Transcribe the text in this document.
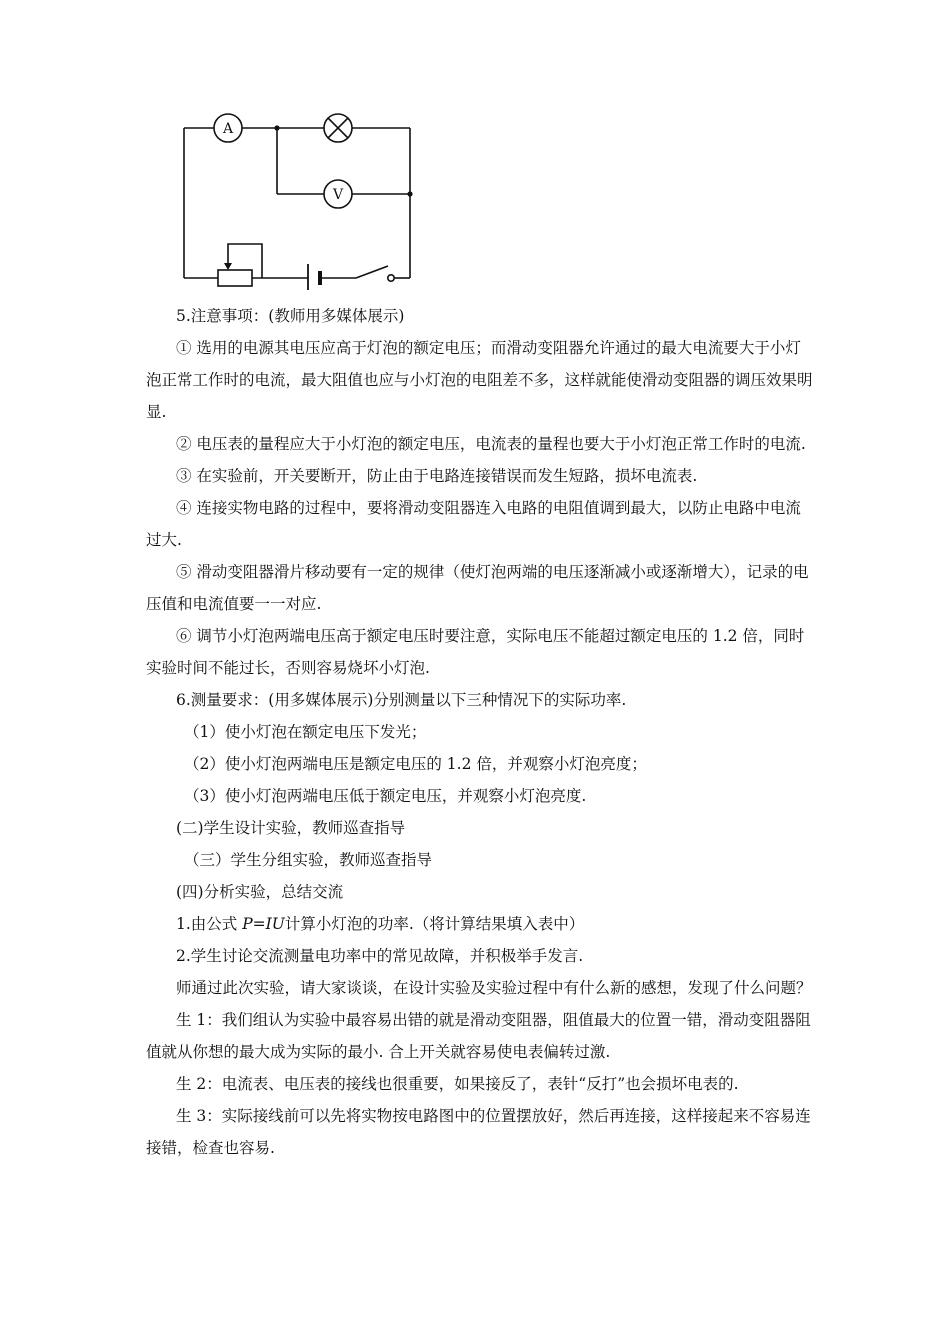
A
V

5.注意事项：(教师用多媒体展示)

① 选用的电源其电压应高于灯泡的额定电压；而滑动变阻器允许通过的最大电流要大于小灯泡正常工作时的电流，最大阻值也应与小灯泡的电阻差不多，这样就能使滑动变阻器的调压效果明显.

② 电压表的量程应大于小灯泡的额定电压，电流表的量程也要大于小灯泡正常工作时的电流.

③ 在实验前，开关要断开，防止由于电路连接错误而发生短路，损坏电流表.

④ 连接实物电路的过程中，要将滑动变阻器连入电路的电阻值调到最大，以防止电路中电流过大.

⑤ 滑动变阻器滑片移动要有一定的规律（使灯泡两端的电压逐渐减小或逐渐增大），记录的电压值和电流值要一一对应.

⑥ 调节小灯泡两端电压高于额定电压时要注意，实际电压不能超过额定电压的 1.2 倍，同时实验时间不能过长，否则容易烧坏小灯泡.

6.测量要求：(用多媒体展示)分别测量以下三种情况下的实际功率.

（1）使小灯泡在额定电压下发光；

（2）使小灯泡两端电压是额定电压的 1.2 倍，并观察小灯泡亮度；

（3）使小灯泡两端电压低于额定电压，并观察小灯泡亮度.

(二)学生设计实验，教师巡查指导

（三）学生分组实验，教师巡查指导

(四)分析实验，总结交流

1.由公式 P=IU计算小灯泡的功率.（将计算结果填入表中）

2.学生讨论交流测量电功率中的常见故障，并积极举手发言.

师通过此次实验，请大家谈谈，在设计实验及实验过程中有什么新的感想，发现了什么问题？

生 1：我们组认为实验中最容易出错的就是滑动变阻器，阻值最大的位置一错，滑动变阻器阻值就从你想的最大成为实际的最小. 合上开关就容易使电表偏转过激.

生 2：电流表、电压表的接线也很重要，如果接反了，表针“反打”也会损坏电表的.

生 3：实际接线前可以先将实物按电路图中的位置摆放好，然后再连接，这样接起来不容易连接错，检查也容易.
